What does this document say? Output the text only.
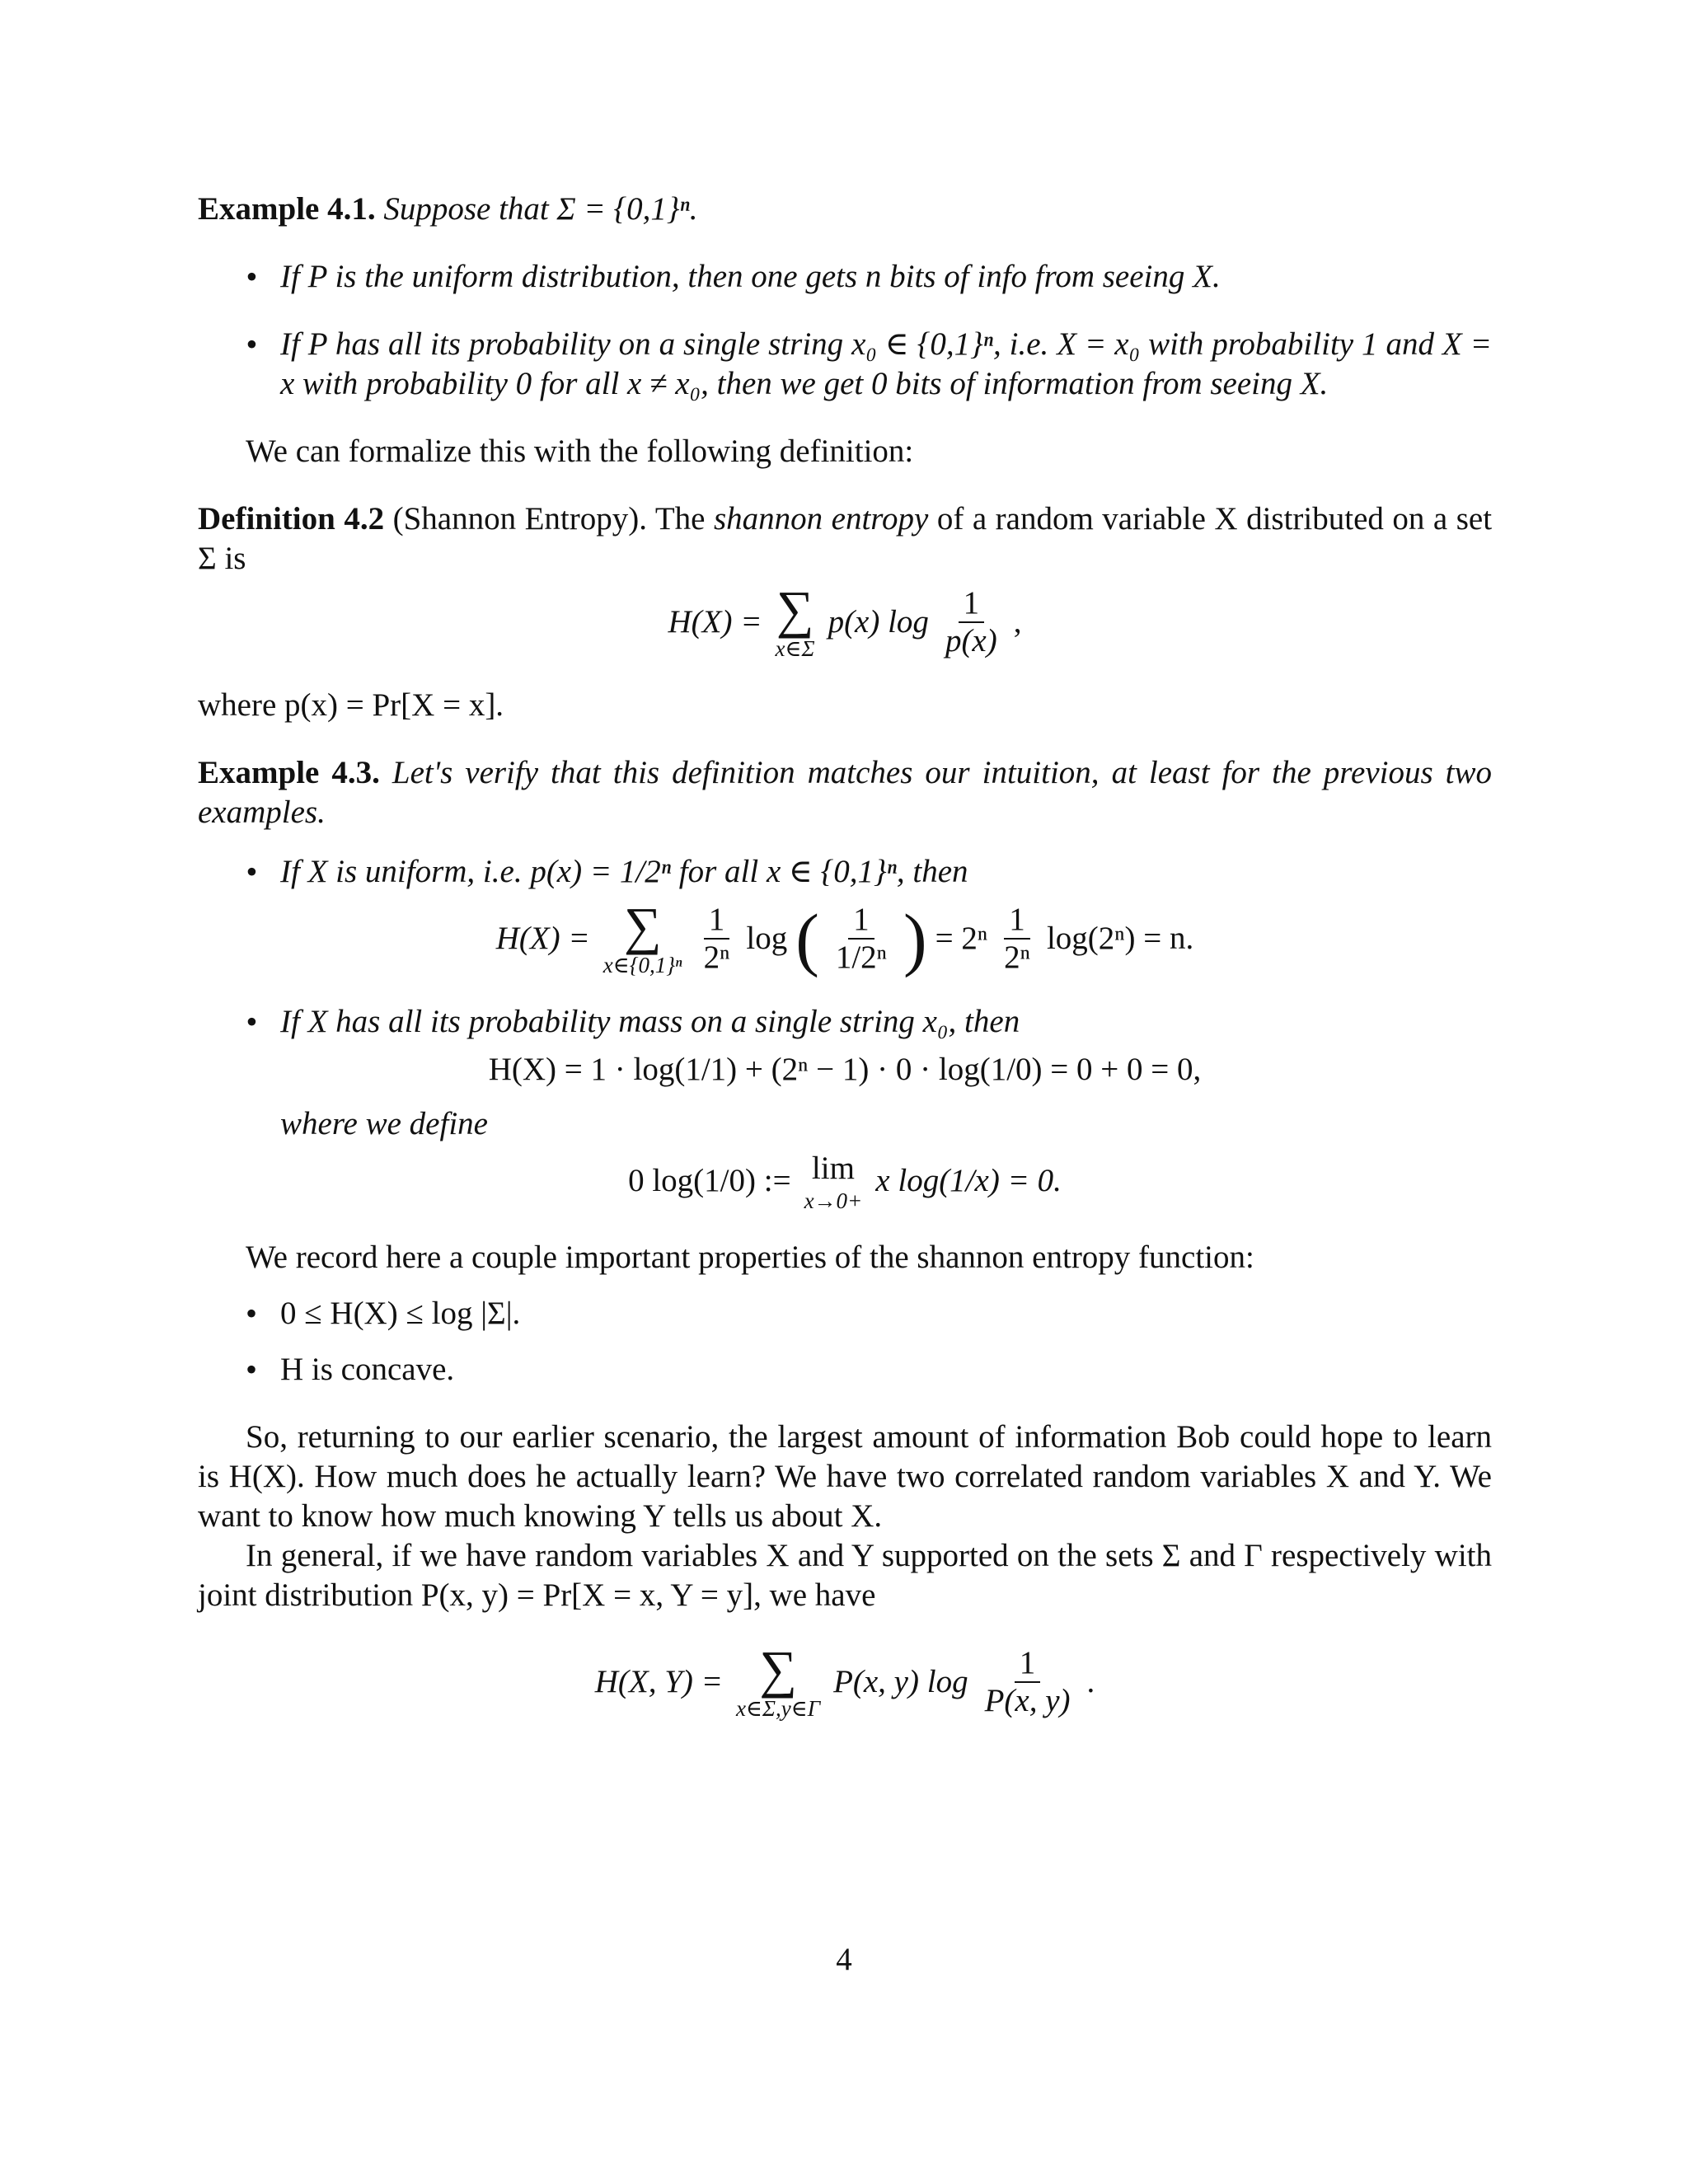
Example 4.1. Suppose that Σ = {0,1}ⁿ.

• If P is the uniform distribution, then one gets n bits of info from seeing X.
• If P has all its probability on a single string x₀ ∈ {0,1}ⁿ, i.e. X = x₀ with probability 1 and X = x with probability 0 for all x ≠ x₀, then we get 0 bits of information from seeing X.

We can formalize this with the following definition:

Definition 4.2 (Shannon Entropy). The shannon entropy of a random variable X distributed on a set Σ is

H(X) = ∑
x∈Σ
p(x) $\log \frac{1}{p(x)}$ ,

where p(x) = Pr[X = x].

Example 4.3. Let's verify that this definition matches our intuition, at least for the previous two examples.

• If X is uniform, i.e. p(x) = 1/2ⁿ for all x ∈ {0,1}ⁿ, then
H(X) = ∑
x∈{0,1}ⁿ $\frac{1}{\text{2ⁿ}}$ log ( $\frac{1}{\text{1/2ⁿ}}$ ) = $2^n \frac{1}{\text{2ⁿ}} \log(2^n) = n$.
• If X has all its probability mass on a single string x₀, then
H(X) = 1 · log(1/1) + (2ⁿ − 1) · 0 · log(1/0) = 0 + 0 = 0,

where we define

0 log(1/0) := lim
x→0+
x log(1/x) = 0.

We record here a couple important properties of the shannon entropy function:

• 0 ≤ H(X) ≤ log |Σ|.
• H is concave.

So, returning to our earlier scenario, the largest amount of information Bob could hope to learn is H(X). How much does he actually learn? We have two correlated random variables X and Y. We want to know how much knowing Y tells us about X.

In general, if we have random variables X and Y supported on the sets Σ and Γ respectively with joint distribution P(x, y) = Pr[X = x, Y = y], we have

H(X, Y) = ∑
x∈Σ,y∈Γ
P(x, y) $\log \frac{1}{P(x, y)}$ .
4
